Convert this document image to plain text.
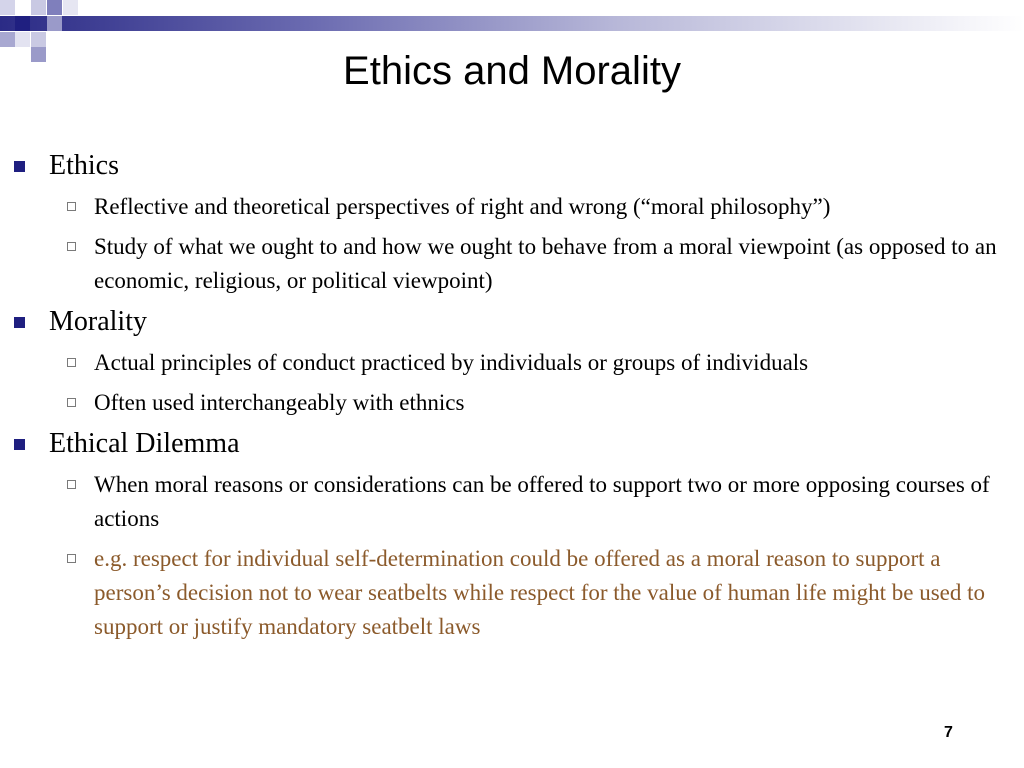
Ethics and Morality
Ethics
Reflective and theoretical perspectives of right and wrong (“moral philosophy”)
Study of what we ought to and how we ought to behave from a moral viewpoint (as opposed to an economic, religious, or political viewpoint)
Morality
Actual principles of conduct practiced by individuals or groups of individuals
Often used interchangeably with ethnics
Ethical Dilemma
When moral reasons or considerations can be offered to support two or more opposing courses of actions
e.g. respect for individual self-determination could be offered as a moral reason to support a person’s decision not to wear seatbelts while respect for the value of human life might be used to support or justify mandatory seatbelt laws
7
